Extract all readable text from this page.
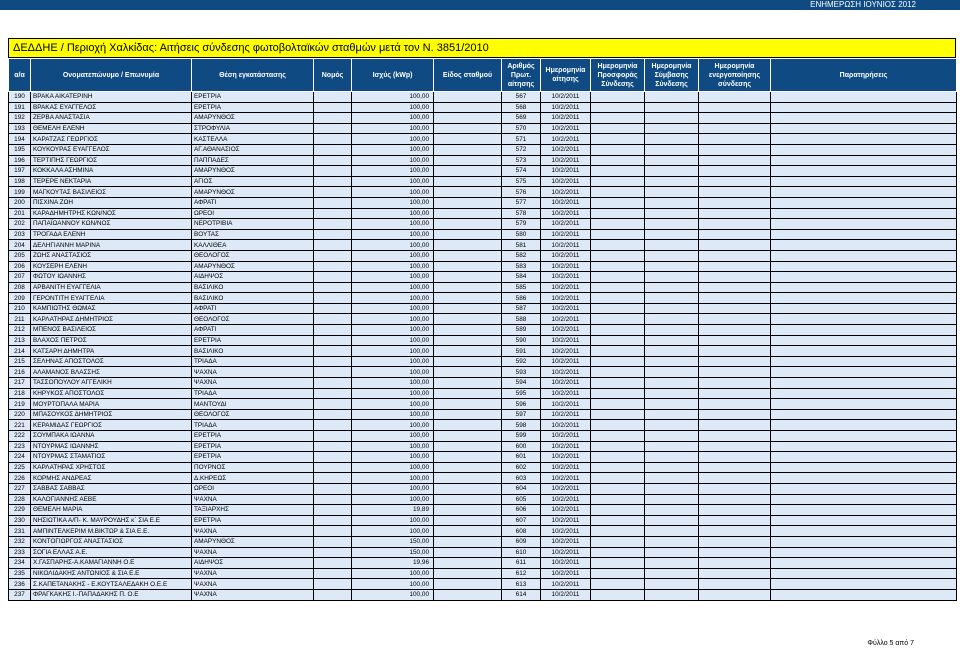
ΕΝΗΜΕΡΩΣΗ ΙΟΥΝΙΟΣ 2012
ΔΕΔΔΗΕ / Περιοχή Χαλκίδας: Αιτήσεις σύνδεσης φωτοβολταϊκών σταθμών μετά τον Ν. 3851/2010
α/α	Ονοματεπώνυμο / Επωνυμία	Θέση εγκατάστασης	Νομός	Ισχύς (kWp)	Είδος σταθμού	Αριθμός Πρωτ. αίτησης	Ημερομηνία αίτησης	Ημερομηνία Προσφοράς Σύνδεσης	Ημερομηνία Σύμβασης Σύνδεσης	Ημερομηνία ενεργοποίησης σύνδεσης	Παρατηρήσεις
190	ΒΡΑΚΑ ΑΙΚΑΤΕΡΙΝΗ	ΕΡΕΤΡΙΑ		100,00		567	10/2/2011				
191	ΒΡΑΚΑΣ ΕΥΑΓΓΕΛΟΣ	ΕΡΕΤΡΙΑ		100,00		568	10/2/2011				
192	ΖΕΡΒΑ ΑΝΑΣΤΑΣΙΑ	ΑΜΑΡΥΝΘΟΣ		100,00		569	10/2/2011				
193	ΘΕΜΕΛΗ ΕΛΕΝΗ	ΣΤΡΟΦΥΛΙΑ		100,00		570	10/2/2011				
194	ΚΑΡΑΤΖΑΣ ΓΕΩΡΓΙΟΣ	ΚΑΣΤΕΛΛΑ		100,00		571	10/2/2011				
195	ΚΟΥΚΟΥΡΑΣ ΕΥΑΓΓΕΛΟΣ	ΑΓ.ΑΘΑΝΑΣΙΟΣ		100,00		572	10/2/2011				
196	ΤΕΡΤΙΠΗΣ ΓΕΩΡΓΙΟΣ	ΠΑΠΠΑΔΕΣ		100,00		573	10/2/2011				
197	ΚΟΚΚΑΛΑ ΑΣΗΜΙΝΑ	ΑΜΑΡΥΝΘΟΣ		100,00		574	10/2/2011				
198	ΤΕΡΕΡΕ ΝΕΚΤΑΡΙΑ	ΑΓΙΟΣ		100,00		575	10/2/2011				
199	ΜΑΓΚΟΥΤΑΣ ΒΑΣΙΛΕΙΟΣ	ΑΜΑΡΥΝΘΟΣ		100,00		576	10/2/2011				
200	ΠΙΣΧΙΝΑ ΖΩΗ	ΑΦΡΑΤΙ		100,00		577	10/2/2011				
201	ΚΑΡΑΔΗΜΗΤΡΗΣ ΚΩΝ/ΝΟΣ	ΩΡΕΟΙ		100,00		578	10/2/2011				
202	ΠΑΠΑΪΩΑΝΝΟΥ ΚΩΝ/ΝΟΣ	ΝΕΡΟΤΡΙΒΙΑ		100,00		579	10/2/2011				
203	ΤΡΟΓΑΔΑ ΕΛΕΝΗ	ΒΟΥΤΑΣ		100,00		580	10/2/2011				
204	ΔΕΛΗΓΙΑΝΝΗ ΜΑΡΙΝΑ	ΚΑΛΛΙΘΕΑ		100,00		581	10/2/2011				
205	ΖΩΗΣ ΑΝΑΣΤΑΣΙΟΣ	ΘΕΟΛΟΓΟΣ		100,00		582	10/2/2011				
206	ΚΟΥΣΕΡΗ ΕΛΕΝΗ	ΑΜΑΡΥΝΘΟΣ		100,00		583	10/2/2011				
207	ΦΩΤΟΥ ΙΩΑΝΝΗΣ	ΑΙΔΗΨΟΣ		100,00		584	10/2/2011				
208	ΑΡΒΑΝΙΤΗ ΕΥΑΓΓΕΛΙΑ	ΒΑΣΙΛΙΚΟ		100,00		585	10/2/2011				
209	ΓΕΡΟΝΤΙΤΗ ΕΥΑΓΓΕΛΙΑ	ΒΑΣΙΛΙΚΟ		100,00		586	10/2/2011				
210	ΚΑΜΠΙΩΤΗΣ ΘΩΜΑΣ	ΑΦΡΑΤΙ		100,00		587	10/2/2011				
211	ΚΑΡΛΑΤΗΡΑΣ ΔΗΜΗΤΡΙΟΣ	ΘΕΟΛΟΓΟΣ		100,00		588	10/2/2011				
212	ΜΠΕΝΟΣ ΒΑΣΙΛΕΙΟΣ	ΑΦΡΑΤΙ		100,00		589	10/2/2011				
213	ΒΛΑΧΟΣ ΠΕΤΡΟΣ	ΕΡΕΤΡΙΑ		100,00		590	10/2/2011				
214	ΚΑΤΣΑΡΗ ΔΗΜΗΤΡΑ	ΒΑΣΙΛΙΚΟ		100,00		591	10/2/2011				
215	ΣΕΛΗΝΑΣ ΑΠΟΣΤΟΛΟΣ	ΤΡΙΑΔΑ		100,00		592	10/2/2011				
216	ΑΛΑΜΑΝΟΣ ΒΛΑΣΣΗΣ	ΨΑΧΝΑ		100,00		593	10/2/2011				
217	ΤΑΣΣΟΠΟΥΛΟΥ ΑΓΓΕΛΙΚΗ	ΨΑΧΝΑ		100,00		594	10/2/2011				
218	ΚΗΡΥΚΟΣ ΑΠΟΣΤΟΛΟΣ	ΤΡΙΑΔΑ		100,00		595	10/2/2011				
219	ΜΟΥΡΤΟΠΑΛΑ ΜΑΡΙΑ	ΜΑΝΤΟΥΔΙ		100,00		596	10/2/2011				
220	ΜΠΑΣΟΥΚΟΣ ΔΗΜΗΤΡΙΟΣ	ΘΕΟΛΟΓΟΣ		100,00		597	10/2/2011				
221	ΚΕΡΑΜΙΔΑΣ ΓΕΩΡΓΙΟΣ	ΤΡΙΑΔΑ		100,00		598	10/2/2011				
222	ΣΟΥΜΠΑΚΑ ΙΩΑΝΝΑ	ΕΡΕΤΡΙΑ		100,00		599	10/2/2011				
223	ΝΤΟΥΡΜΑΣ ΙΩΑΝΝΗΣ	ΕΡΕΤΡΙΑ		100,00		600	10/2/2011				
224	ΝΤΟΥΡΜΑΣ ΣΤΑΜΑΤΙΟΣ	ΕΡΕΤΡΙΑ		100,00		601	10/2/2011				
225	ΚΑΡΛΑΤΗΡΑΣ ΧΡΗΣΤΟΣ	ΠΟΥΡΝΟΣ		100,00		602	10/2/2011				
226	ΚΟΡΜΗΣ ΑΝΔΡΕΑΣ	Δ.ΚΗΡΕΩΣ		100,00		603	10/2/2011				
227	ΣΑΒΒΑΣ ΣΑΒΒΑΣ	ΩΡΕΟΙ		100,00		604	10/2/2011				
228	ΚΑΛΟΓΙΑΝΝΗΣ ΑΕΒΕ	ΨΑΧΝΑ		100,00		605	10/2/2011				
229	ΘΕΜΕΛΗ ΜΑΡΙΑ	ΤΑΞΙΑΡΧΗΣ		19,89		606	10/2/2011				
230	ΝΗΣΙΩΤΙΚΑ Α/Π- Κ. ΜΑΥΡΟΥΔΗΣ κ` ΣΙΑ Ε.Ε	ΕΡΕΤΡΙΑ		100,00		607	10/2/2011				
231	ΑΜΠΙΝΤΕΛΚΕΡΙΜ Μ.ΒΙΚΤΩΡ & ΣΙΑ Ε.Ε.	ΨΑΧΝΑ		100,00		608	10/2/2011				
232	ΚΟΝΤΟΓΙΩΡΓΟΣ ΑΝΑΣΤΑΣΙΟΣ	ΑΜΑΡΥΝΘΟΣ		150,00		609	10/2/2011				
233	ΣΟΓΙΑ ΕΛΛΑΣ Α.Ε.	ΨΑΧΝΑ		150,00		610	10/2/2011				
234	Χ.ΓΑΣΠΑΡΗΣ-Α.ΚΑΜΑΓΙΑΝΝΗ Ο.Ε	ΑΙΔΗΨΟΣ		19,96		611	10/2/2011				
235	ΝΙΚΟΛΙΔΑΚΗΣ ΑΝΤΩΝΙΟΣ & ΣΙΑ Ε.Ε	ΨΑΧΝΑ		100,00		612	10/2/2011				
236	Σ.ΚΑΠΕΤΑΝΑΚΗΣ - Ε.ΚΟΥΤΣΑΛΕΔΑΚΗ Ο.Ε.Ε	ΨΑΧΝΑ		100,00		613	10/2/2011				
237	ΦΡΑΓΚΑΚΗΣ Ι.-ΠΑΠΑΔΑΚΗΣ Π. Ο.Ε	ΨΑΧΝΑ		100,00		614	10/2/2011				
Φύλλο 5 από 7
